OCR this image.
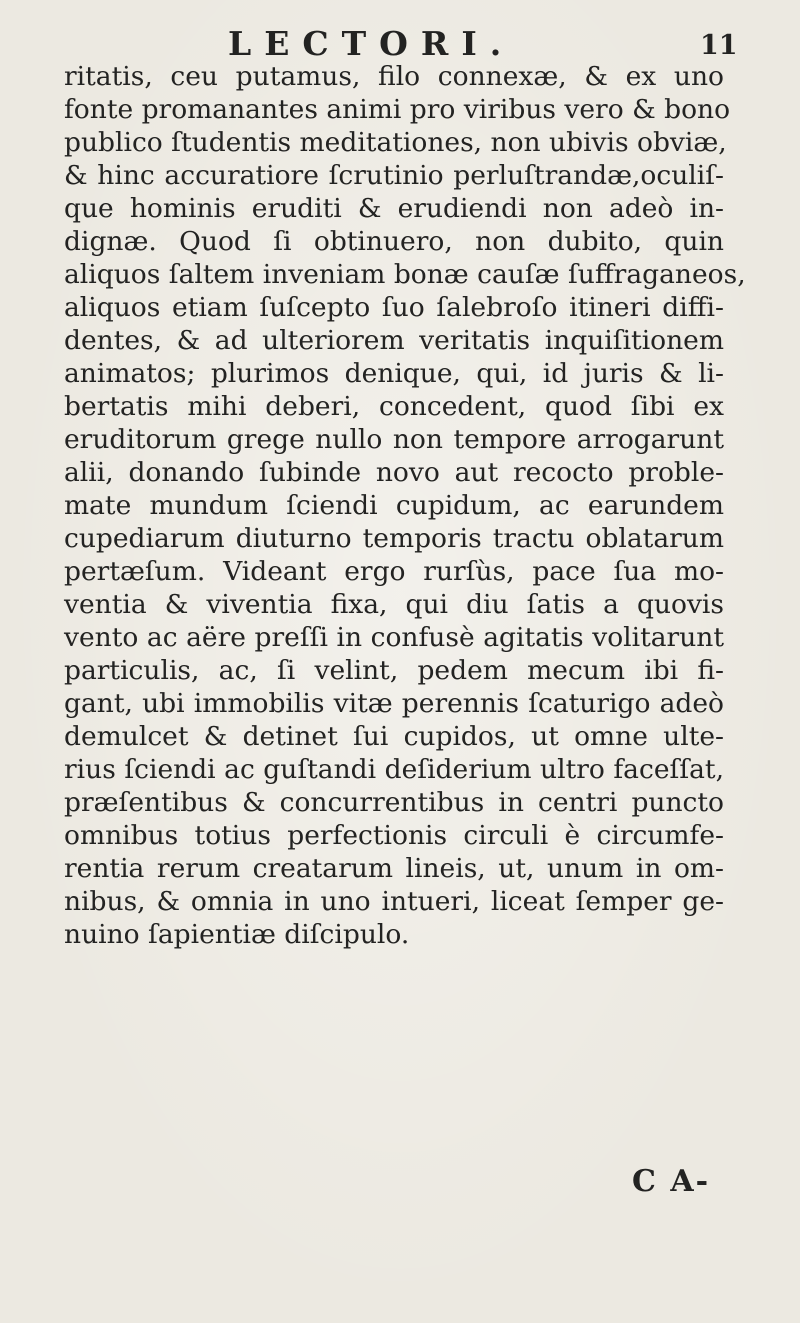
LECTORI.	11
ritatis, ceu putamus, filo connexæ, & ex uno
fonte promanantes animi pro viribus vero & bono
publico ſtudentis meditationes, non ubivis obviæ,
& hinc accuratiore ſcrutinio perluſtrandæ,oculiſ-
que hominis eruditi & erudiendi non adeò in-
dignæ. Quod ſi obtinuero, non dubito, quin
aliquos ſaltem inveniam bonæ cauſæ ſuffraganeos,
aliquos etiam ſuſcepto ſuo ſalebroſo itineri diffi-
dentes, & ad ulteriorem veritatis inquiſitionem
animatos; plurimos denique, qui, id juris & li-
bertatis mihi deberi, concedent, quod ſibi ex
eruditorum grege nullo non tempore arrogarunt
alii, donando ſubinde novo aut recocto proble-
mate mundum ſciendi cupidum, ac earundem
cupediarum diuturno temporis tractu oblatarum
pertæſum. Videant ergo rurſùs, pace ſua mo-
ventia & viventia fixa, qui diu ſatis a quovis
vento ac aëre preſſi in confusè agitatis volitarunt
particulis, ac, ſi velint, pedem mecum ibi fi-
gant, ubi immobilis vitæ perennis ſcaturigo adeò
demulcet & detinet ſui cupidos, ut omne ulte-
rius ſciendi ac guſtandi deſiderium ultro faceſſat,
præſentibus & concurrentibus in centri puncto
omnibus totius perfectionis circuli è circumfe-
rentia rerum creatarum lineis, ut, unum in om-
nibus, & omnia in uno intueri, liceat ſemper ge-
nuino ſapientiæ diſcipulo.
C A-
